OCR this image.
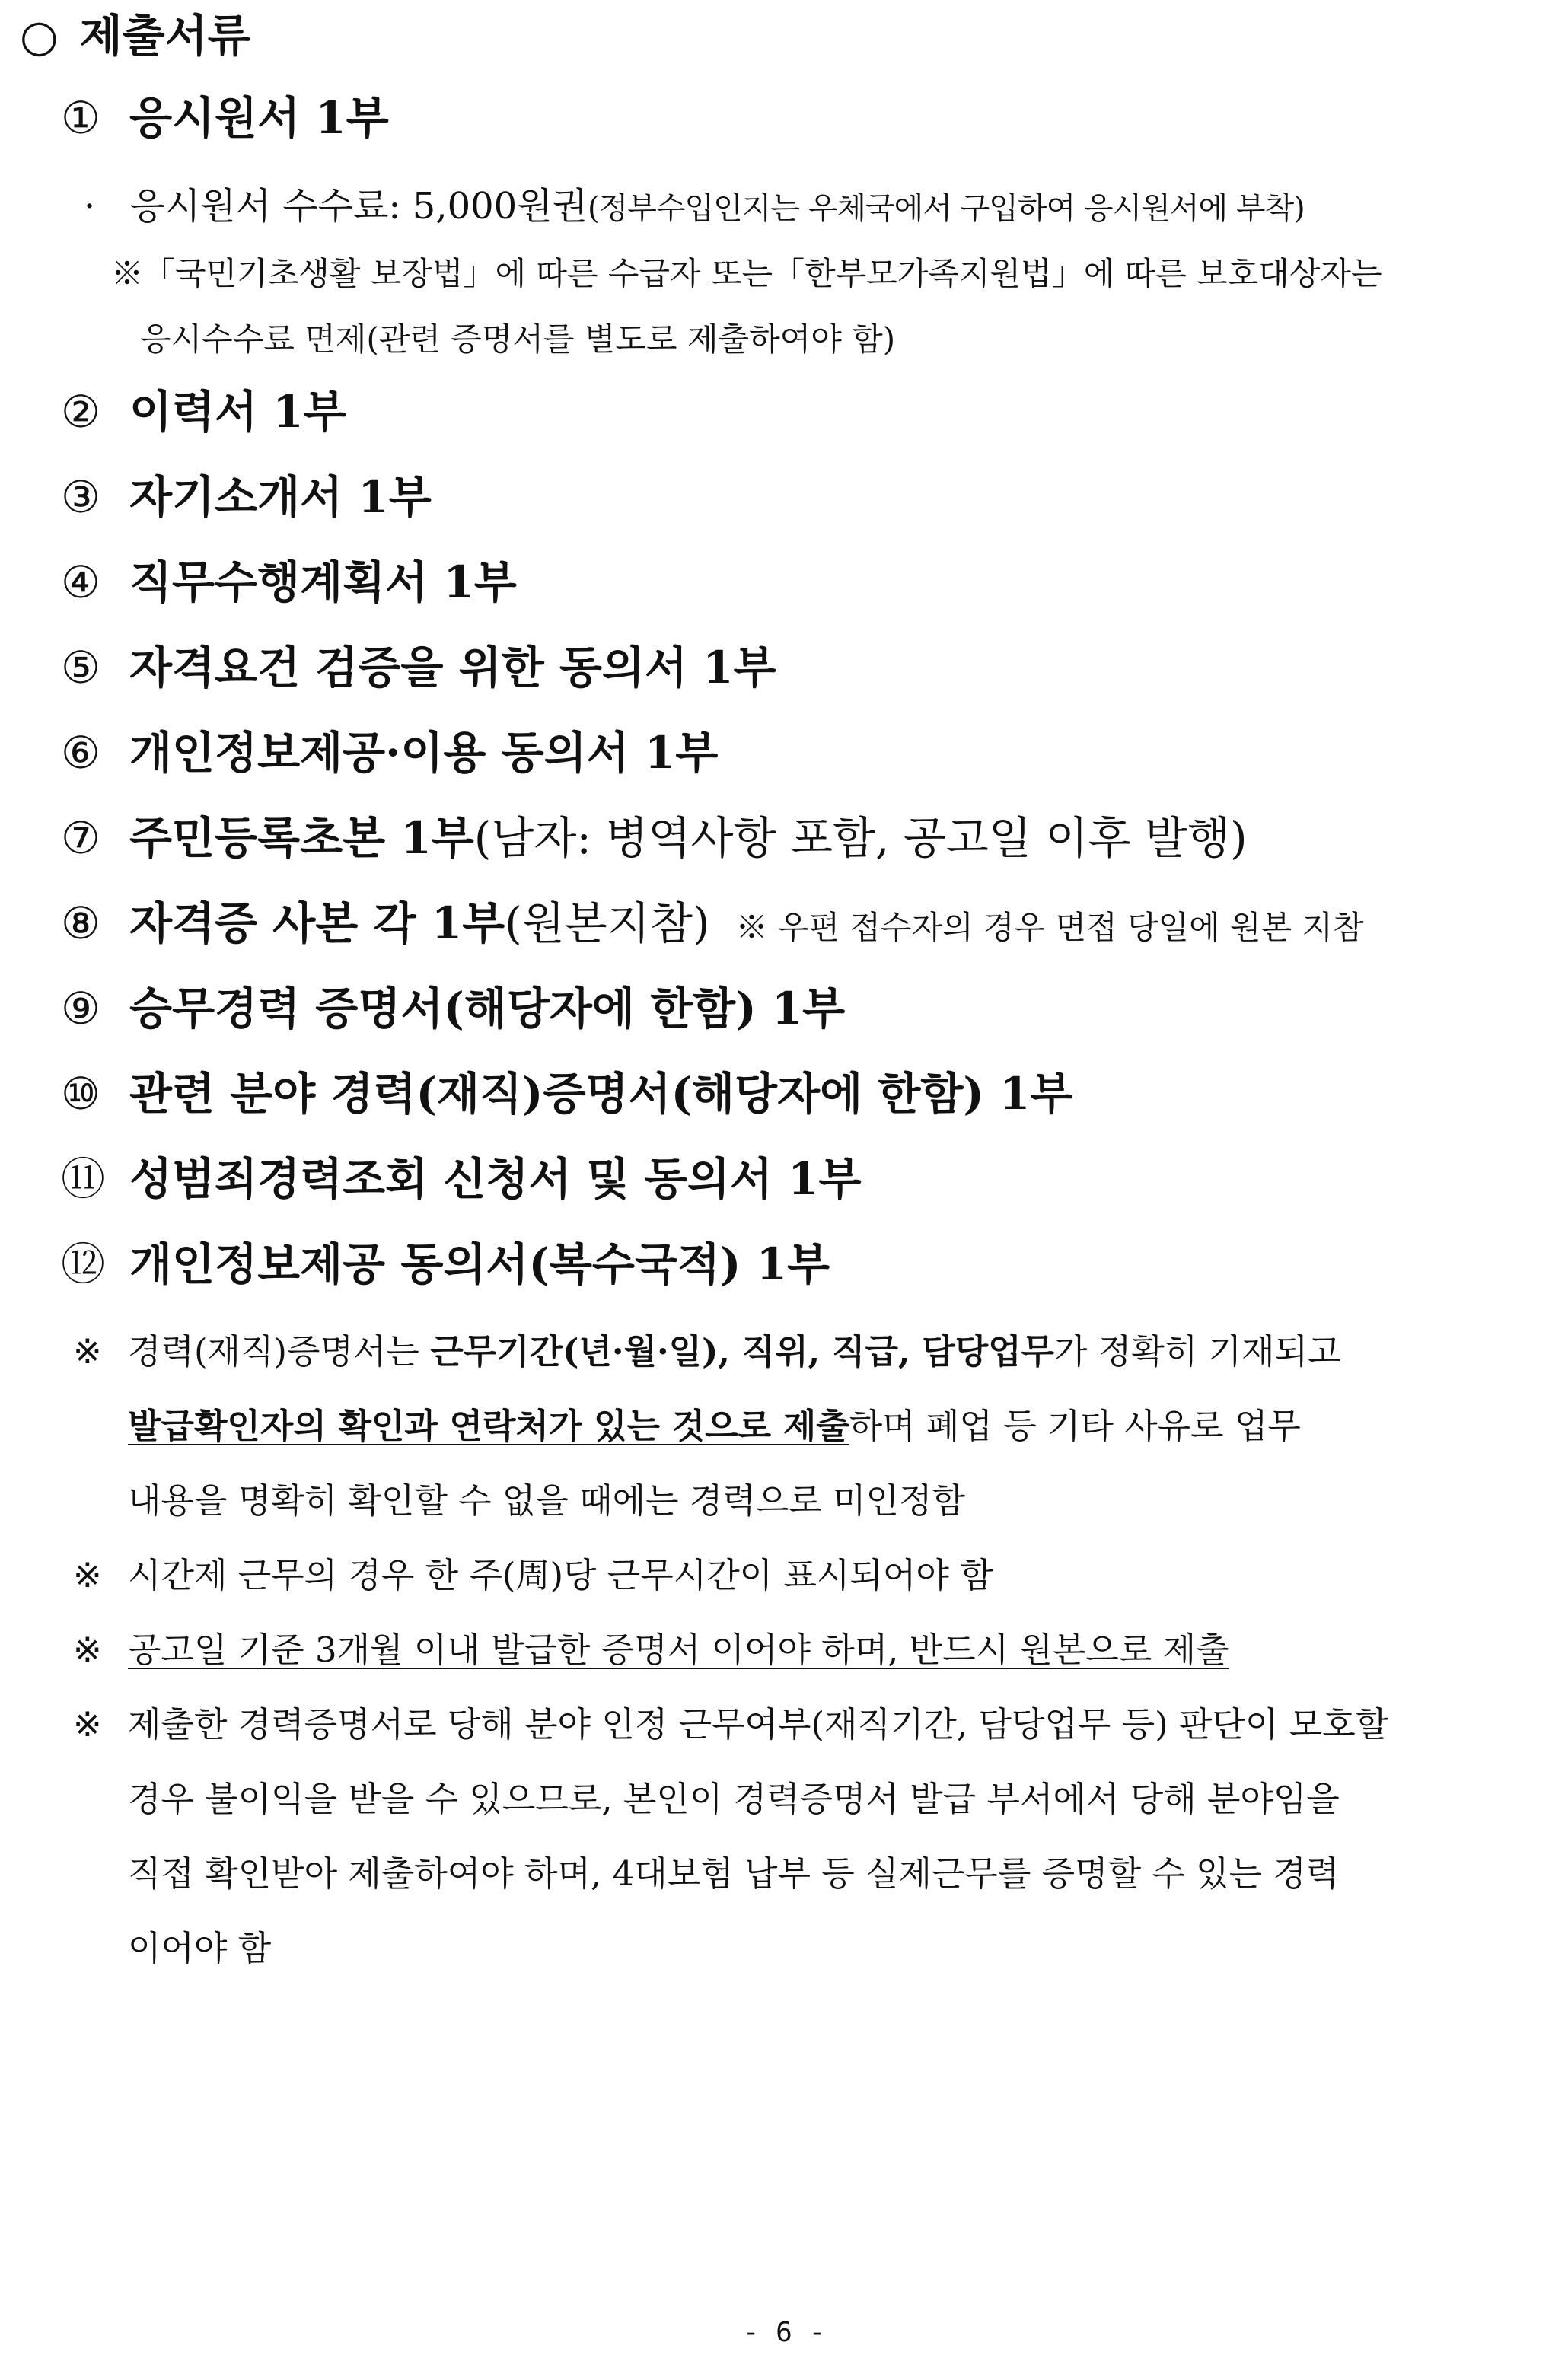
○ 제출서류
① 응시원서 1부
· 응시원서 수수료: 5,000원권(정부수입인지는 우체국에서 구입하여 응시원서에 부착)
※「국민기초생활 보장법」에 따른 수급자 또는「한부모가족지원법」에 따른 보호대상자는
응시수수료 면제(관련 증명서를 별도로 제출하여야 함)
② 이력서 1부
③ 자기소개서 1부
④ 직무수행계획서 1부
⑤ 자격요건 검증을 위한 동의서 1부
⑥ 개인정보제공·이용 동의서 1부
⑦ 주민등록초본 1부(남자: 병역사항 포함, 공고일 이후 발행)
⑧ 자격증 사본 각 1부(원본지참) ※ 우편 접수자의 경우 면접 당일에 원본 지참
⑨ 승무경력 증명서(해당자에 한함) 1부
⑩ 관련 분야 경력(재직)증명서(해당자에 한함) 1부
⑪ 성범죄경력조회 신청서 및 동의서 1부
⑫ 개인정보제공 동의서(복수국적) 1부
※ 경력(재직)증명서는 근무기간(년·월·일), 직위, 직급, 담당업무가 정확히 기재되고
발급확인자의 확인과 연락처가 있는 것으로 제출하며 폐업 등 기타 사유로 업무
내용을 명확히 확인할 수 없을 때에는 경력으로 미인정함
※ 시간제 근무의 경우 한 주(周)당 근무시간이 표시되어야 함
※ 공고일 기준 3개월 이내 발급한 증명서 이어야 하며, 반드시 원본으로 제출
※ 제출한 경력증명서로 당해 분야 인정 근무여부(재직기간, 담당업무 등) 판단이 모호할
경우 불이익을 받을 수 있으므로, 본인이 경력증명서 발급 부서에서 당해 분야임을
직접 확인받아 제출하여야 하며, 4대보험 납부 등 실제근무를 증명할 수 있는 경력
이어야 함
- 6 -
